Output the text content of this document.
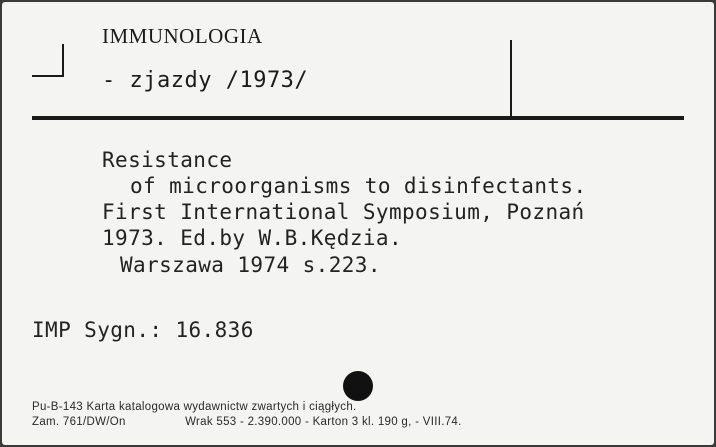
IMMUNOLOGIA
- zjazdy /1973/
Resistance
of microorganisms to disinfectants.
First International Symposium, Poznań
1973. Ed.by W.B.Kędzia.
Warszawa 1974 s.223.
IMP Sygn.: 16.836
Pu-B-143 Karta katalogowa wydawnictw zwartych i ciągłych.
Zam. 761/DW/On                 Wrak 553 - 2.390.000 - Karton 3 kl. 190 g, - VIII.74.
